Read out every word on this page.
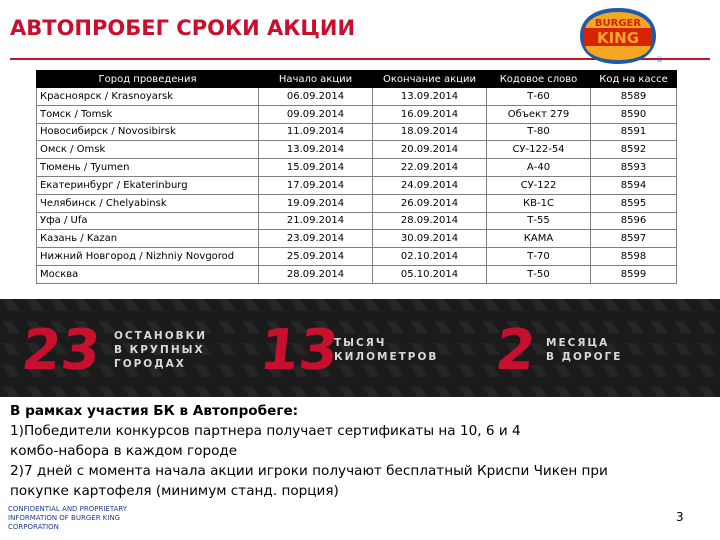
АВТОПРОБЕГ СРОКИ АКЦИИ	BURGER
KING
®
Город проведения	Начало акции	Окончание акции	Кодовое слово	Код на кассе
Красноярск / Krasnoyarsk	06.09.2014	13.09.2014	Т-60	8589
Томск / Tomsk	09.09.2014	16.09.2014	Объект 279	8590
Новосибирск / Novosibirsk	11.09.2014	18.09.2014	Т-80	8591
Омск / Omsk	13.09.2014	20.09.2014	СУ-122-54	8592
Тюмень / Tyumen	15.09.2014	22.09.2014	А-40	8593
Екатеринбург / Ekaterinburg	17.09.2014	24.09.2014	СУ-122	8594
Челябинск / Chelyabinsk	19.09.2014	26.09.2014	КВ-1С	8595
Уфа / Ufa	21.09.2014	28.09.2014	Т-55	8596
Казань / Kazan	23.09.2014	30.09.2014	КАМА	8597
Нижний Новгород / Nizhniy Novgorod	25.09.2014	02.10.2014	Т-70	8598
Москва	28.09.2014	05.10.2014	Т-50	8599
23 ОСТАНОВКИ
В КРУПНЫХ
ГОРОДАХ	13
ТЫСЯЧ
КИЛОМЕТРОВ 2 МЕСЯЦА
В ДОРОГЕ
В рамках участия БК в Автопробеге:
1)Победители конкурсов партнера получает сертификаты на 10, 6 и 4
комбо-набора в каждом городе
2)7 дней с момента начала акции игроки получают бесплатный Криспи Чикен при
покупке картофеля (минимум станд. порция)
CONFIDENTIAL AND PROPRIETARY
INFORMATION OF BURGER KING
CORPORATION
3
